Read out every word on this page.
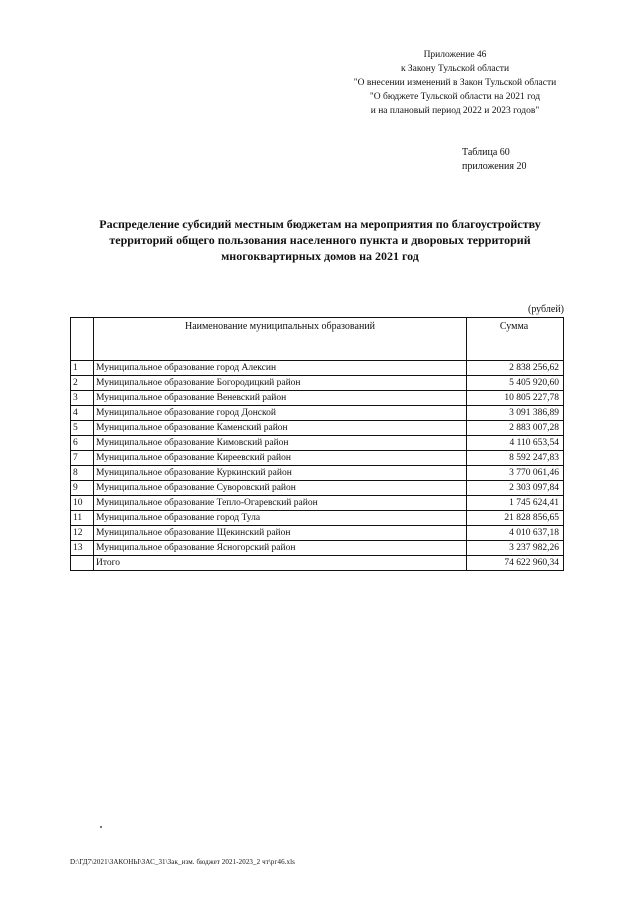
Приложение 46
к Закону Тульской области
"О внесении изменений в Закон Тульской области
"О бюджете Тульской области на 2021 год
и на плановый период 2022 и 2023 годов"
Таблица 60
приложения 20
Распределение субсидий местным бюджетам на мероприятия по благоустройству
территорий общего пользования населенного пункта и дворовых территорий
многоквартирных домов на 2021 год
(рублей)
	Наименование муниципальных образований	Сумма
1	Муниципальное образование город Алексин	2 838 256,62
2	Муниципальное образование Богородицкий район	5 405 920,60
3	Муниципальное образование Веневский район	10 805 227,78
4	Муниципальное образование город Донской	3 091 386,89
5	Муниципальное образование Каменский район	2 883 007,28
6	Муниципальное образование Кимовский район	4 110 653,54
7	Муниципальное образование Киреевский район	8 592 247,83
8	Муниципальное образование Куркинский район	3 770 061,46
9	Муниципальное образование Суворовский район	2 303 097,84
10	Муниципальное образование Тепло-Огаревский район	1 745 624,41
11	Муниципальное образование город Тула	21 828 856,65
12	Муниципальное образование Щекинский район	4 010 637,18
13	Муниципальное образование Ясногорский район	3 237 982,26
	Итого	74 622 960,34
D:\ГД7\2021\ЗАКОНЫ\ЗАС_31\Зак_изм. бюджет 2021-2023_2 чт\рг46.xls
